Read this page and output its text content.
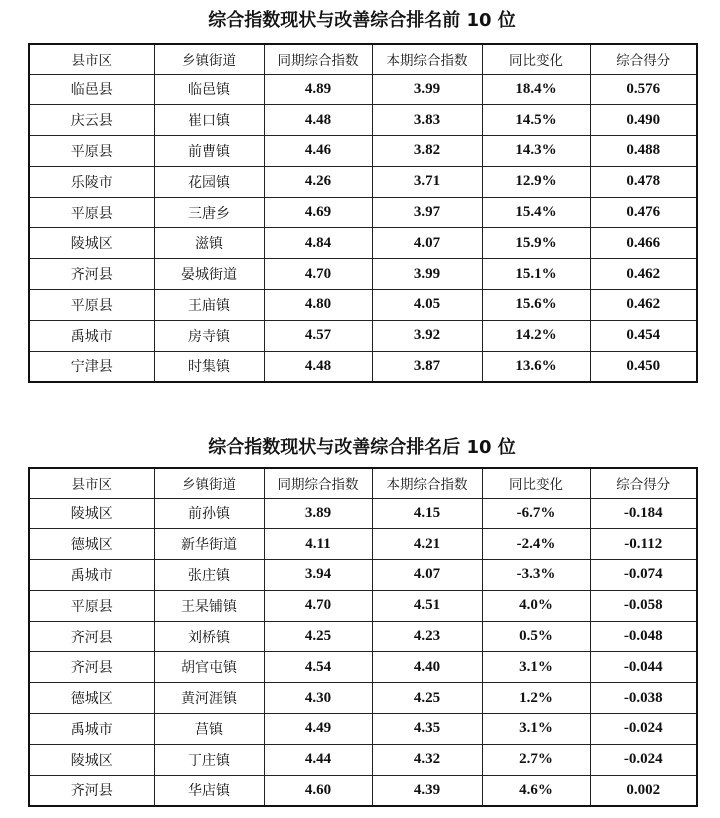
综合指数现状与改善综合排名前 10 位
县市区	乡镇街道	同期综合指数	本期综合指数	同比变化	综合得分
临邑县	临邑镇	4.89	3.99	18.4%	0.576
庆云县	崔口镇	4.48	3.83	14.5%	0.490
平原县	前曹镇	4.46	3.82	14.3%	0.488
乐陵市	花园镇	4.26	3.71	12.9%	0.478
平原县	三唐乡	4.69	3.97	15.4%	0.476
陵城区	滋镇	4.84	4.07	15.9%	0.466
齐河县	晏城街道	4.70	3.99	15.1%	0.462
平原县	王庙镇	4.80	4.05	15.6%	0.462
禹城市	房寺镇	4.57	3.92	14.2%	0.454
宁津县	时集镇	4.48	3.87	13.6%	0.450
综合指数现状与改善综合排名后 10 位
县市区	乡镇街道	同期综合指数	本期综合指数	同比变化	综合得分
陵城区	前孙镇	3.89	4.15	-6.7%	-0.184
德城区	新华街道	4.11	4.21	-2.4%	-0.112
禹城市	张庄镇	3.94	4.07	-3.3%	-0.074
平原县	王杲铺镇	4.70	4.51	4.0%	-0.058
齐河县	刘桥镇	4.25	4.23	0.5%	-0.048
齐河县	胡官屯镇	4.54	4.40	3.1%	-0.044
德城区	黄河涯镇	4.30	4.25	1.2%	-0.038
禹城市	莒镇	4.49	4.35	3.1%	-0.024
陵城区	丁庄镇	4.44	4.32	2.7%	-0.024
齐河县	华店镇	4.60	4.39	4.6%	0.002
